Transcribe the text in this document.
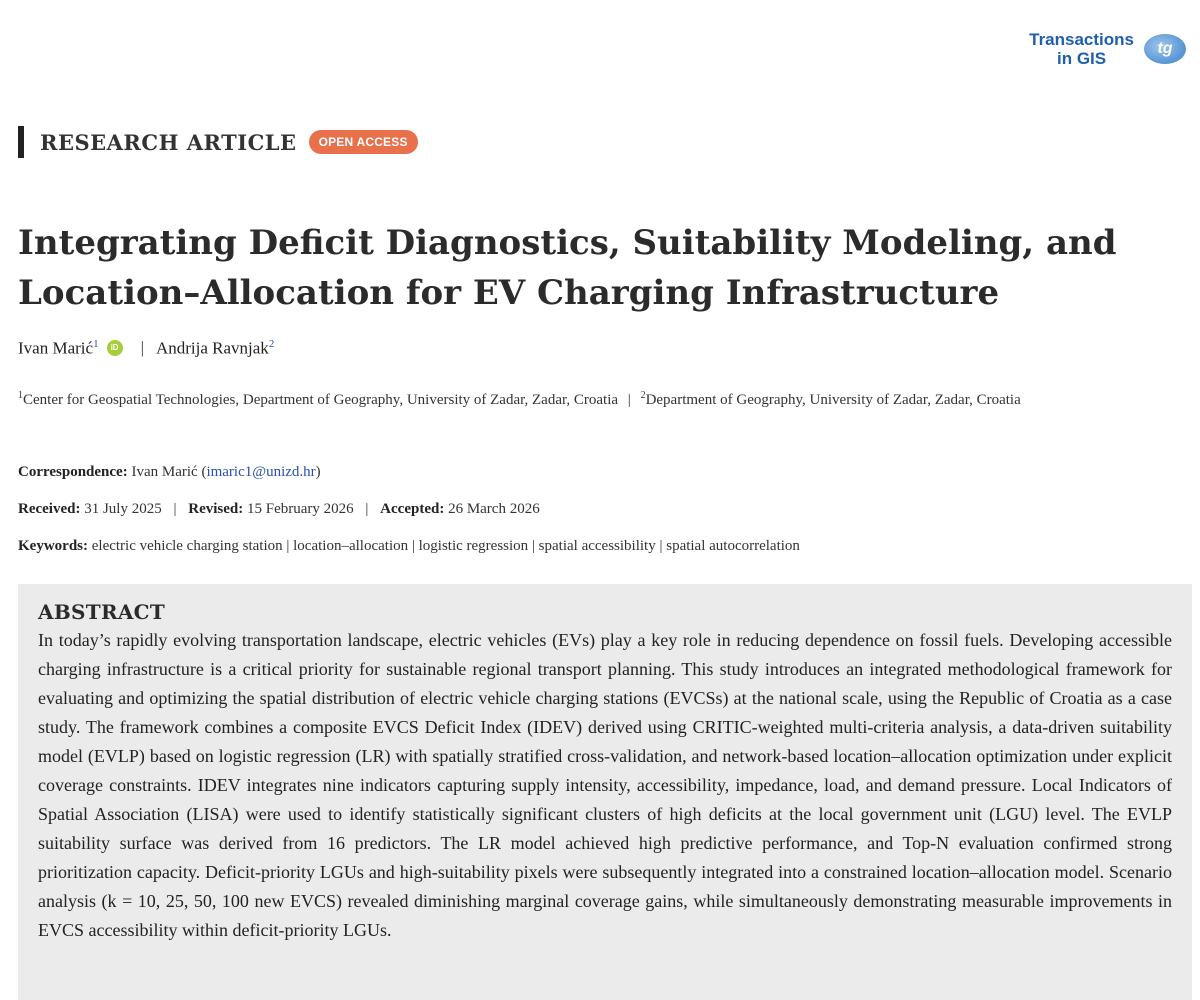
Transactions
in GIS
tg
RESEARCH ARTICLE	OPEN ACCESS
Integrating Deficit Diagnostics, Suitability Modeling, and Location–Allocation for EV Charging Infrastructure
Ivan Marić$^1$	iD | Andrija Ravnjak$^2$
$^1$Center for Geospatial Technologies, Department of Geography, University of Zadar, Zadar, Croatia | $^2$Department of Geography, University of Zadar, Zadar, Croatia
Correspondence: Ivan Marić (imaric1@unizd.hr)
Received: 31 July 2025 | Revised: 15 February 2026 | Accepted: 26 March 2026
Keywords: electric vehicle charging station | location–allocation | logistic regression | spatial accessibility | spatial autocorrelation
ABSTRACT

In today’s rapidly evolving transportation landscape, electric vehicles (EVs) play a key role in reducing dependence on fossil fuels. Developing accessible charging infrastructure is a critical priority for sustainable regional transport planning. This study introduces an integrated methodological framework for evaluating and optimizing the spatial distribution of electric vehicle charging stations (EVCSs) at the national scale, using the Republic of Croatia as a case study. The framework combines a composite EVCS Deficit Index (IDEV) derived using CRITIC-weighted multi-criteria analysis, a data-driven suitability model (EVLP) based on logistic regression (LR) with spatially stratified cross-validation, and network-based location–allocation optimization under explicit coverage constraints. IDEV integrates nine indicators capturing supply intensity, accessibility, impedance, load, and demand pressure. Local Indicators of Spatial Association (LISA) were used to identify statistically significant clusters of high deficits at the local government unit (LGU) level. The EVLP suitability surface was derived from 16 predictors. The LR model achieved high predictive performance, and Top-N evaluation confirmed strong prioritization capacity. Deficit-priority LGUs and high-suitability pixels were subsequently integrated into a constrained location–allocation model. Scenario analysis (k = 10, 25, 50, 100 new EVCS) revealed diminishing marginal coverage gains, while simultaneously demonstrating measurable improvements in EVCS accessibility within deficit-priority LGUs.
